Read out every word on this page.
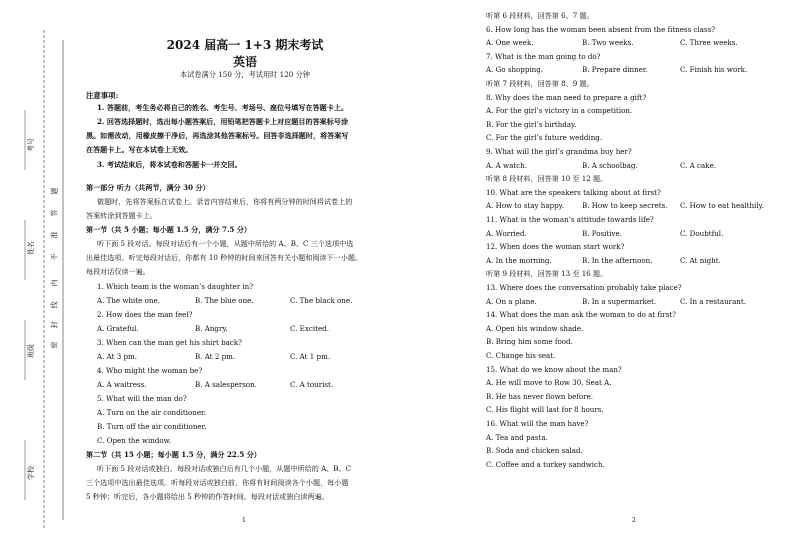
考号
姓名
班级
学校
密
封
线
内
不
准
答
题
2024 届高一 1+3 期末考试
英语
本试卷满分 150 分，考试用时 120 分钟
注意事项:
1. 答题前，考生务必将自己的姓名、考生号、考场号、座位号填写在答题卡上。
2. 回答选择题时，选出每小题答案后，用铅笔把答题卡上对应题目的答案标号涂
黑。如需改动，用橡皮擦干净后，再选涂其他答案标号。回答非选择题时，将答案写
在答题卡上。写在本试卷上无效。
3. 考试结束后，将本试卷和答题卡一并交回。
第一部分 听力（共两节，满分 30 分）
做题时，先将答案标在试卷上。录音内容结束后，你将有两分钟的时间将试卷上的
答案转涂到答题卡上。
第一节（共 5 小题；每小题 1.5 分，满分 7.5 分）
听下面 5 段对话。每段对话后有一个小题，从题中所给的 A、B、C 三个选项中选
出最佳选项。听完每段对话后，你都有 10 秒钟的时间来回答有关小题和阅读下一小题。
每段对话仅读一遍。
1. Which team is the woman’s daughter in?
A. The white one.	B. The blue one.	C. The black one.
2. How does the man feel?
A. Grateful.	B. Angry.	C. Excited.
3. When can the man get his shirt back?
A. At 3 pm.	B. At 2 pm.	C. At 1 pm.
4. Who might the woman be?
A. A waitress.	B. A salesperson.	C. A tourist.
5. What will the man do?
A. Turn on the air conditioner.
B. Turn off the air conditioner.
C. Open the window.
第二节（共 15 小题；每小题 1.5 分，满分 22.5 分）
听下面 5 段对话或独白。每段对话或独白后有几个小题，从题中所给的 A、B、C
三个选项中选出最佳选项。听每段对话或独白前，你将有时间阅读各个小题，每小题
5 秒钟；听完后，各小题将给出 5 秒钟的作答时间。每段对话或独白读两遍。
1
听第 6 段材料，回答第 6、7 题。
6. How long has the woman been absent from the fitness class?
A. One week.	B. Two weeks.	C. Three weeks.
7. What is the man going to do?
A. Go shopping.	B. Prepare dinner.	C. Finish his work.
听第 7 段材料，回答第 8、9 题。
8. Why does the man need to prepare a gift?
A. For the girl’s victory in a competition.
B. For the girl’s birthday.
C. For the girl’s future wedding.
9. What will the girl’s grandma buy her?
A. A watch.	B. A schoolbag.	C. A cake.
听第 8 段材料，回答第 10 至 12 题。
10. What are the speakers talking about at first?
A. How to stay happy.	B. How to keep secrets. C. How to eat healthily.
11. What is the woman’s attitude towards life?
A. Worried.	B. Positive.	C. Doubtful.
12. When does the woman start work?
A. In the morning.	B. In the afternoon.	C. At night.
听第 9 段材料，回答第 13 至 16 题。
13. Where does the conversation probably take place?
A. On a plane.	B. In a supermarket.	C. In a restaurant.
14. What does the man ask the woman to do at first?
A. Open his window shade.
B. Bring him some food.
C. Change his seat.
15. What do we know about the man?
A. He will move to Row 30, Seat A.
B. He has never flown before.
C. His flight will last for 8 hours.
16. What will the man have?
A. Tea and pasta.
B. Soda and chicken salad.
C. Coffee and a turkey sandwich.
2
